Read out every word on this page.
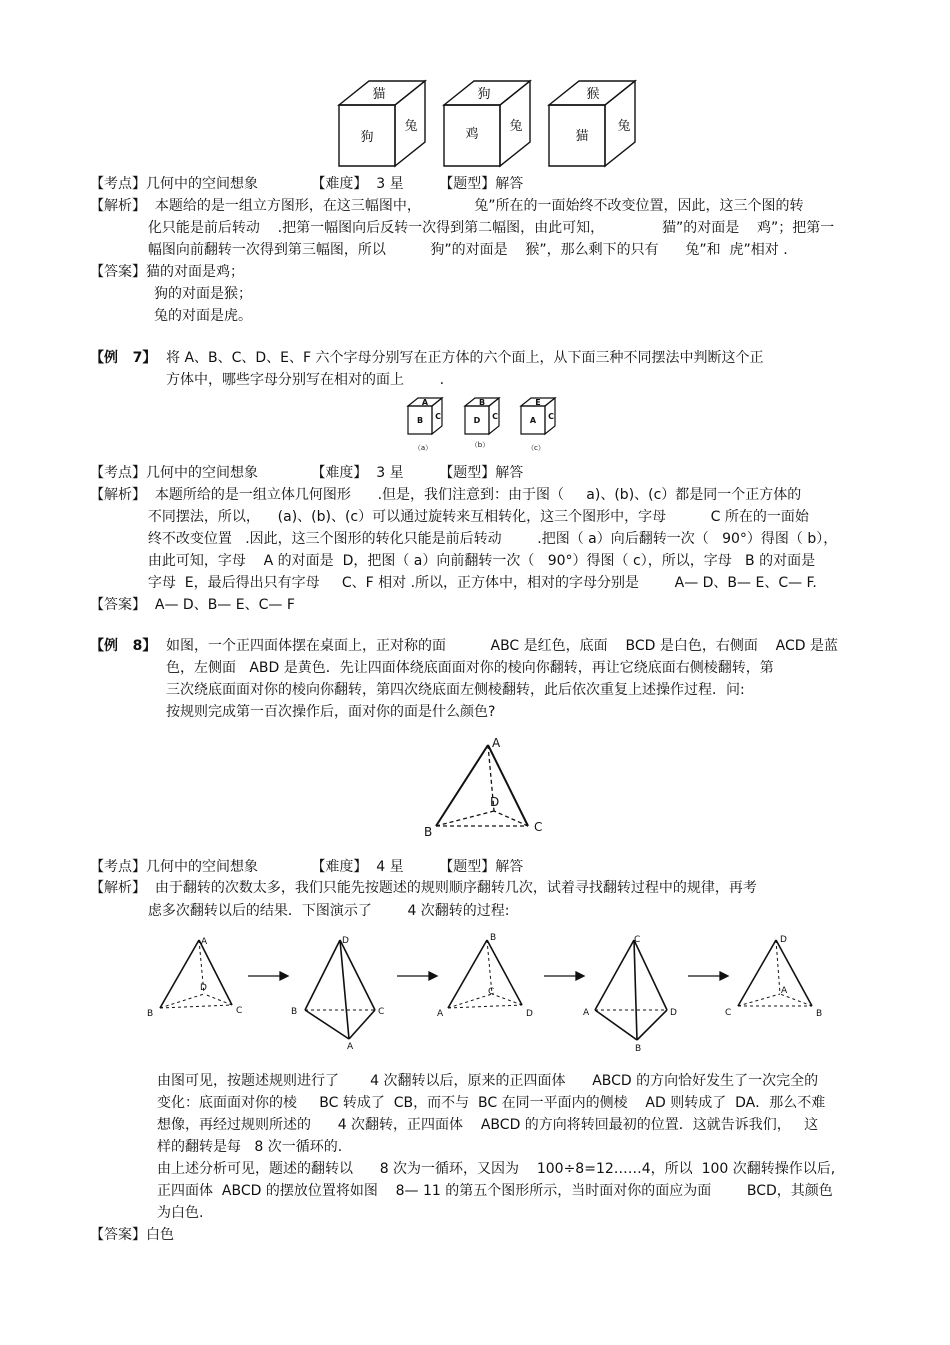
猫
狗
兔
狗
鸡
兔
猴
猫
兔
【考点】几何中的空间想象            【难度】  3 星        【题型】解答
【解析】  本题给的是一组立方图形，在这三幅图中，            兔”所在的一面始终不改变位置，因此，这三个图的转
化只能是前后转动    .把第一幅图向后反转一次得到第二幅图，由此可知，             猫”的对面是    鸡”；把第一
幅图向前翻转一次得到第三幅图，所以          狗”的对面是    猴”，那么剩下的只有      兔”和  虎”相对 .
【答案】猫的对面是鸡；
狗的对面是猴；
兔的对面是虎。
【例   7】 将 A、B、C、D、E、F 六个字母分别写在正方体的六个面上，从下面三种不同摆法中判断这个正
方体中，哪些字母分别写在相对的面上        .
A
B C
（a）
B
D C
（b）
E
A C
（c）
【考点】几何中的空间想象            【难度】  3 星        【题型】解答
【解析】  本题所给的是一组立体几何图形      .但是，我们注意到：由于图（     a)、(b)、(c）都是同一个正方体的
不同摆法，所以，    (a)、(b)、(c）可以通过旋转来互相转化，这三个图形中，字母          C 所在的一面始
终不改变位置   .因此，这三个图形的转化只能是前后转动        .把图（ a）向后翻转一次（   90°）得图（ b），
由此可知，字母    A 的对面是  D，把图（ a）向前翻转一次（   90°）得图（ c），所以，字母   B 的对面是
字母  E，最后得出只有字母     C、F 相对 .所以，正方体中，相对的字母分别是        A— D、B— E、C— F.
【答案】  A— D、B— E、C— F
【例   8】 如图，一个正四面体摆在桌面上，正对称的面          ABC 是红色，底面    BCD 是白色，右侧面    ACD 是蓝
色，左侧面   ABD 是黄色．先让四面体绕底面面对你的棱向你翻转，再让它绕底面右侧棱翻转，第
三次绕底面面对你的棱向你翻转，第四次绕底面左侧棱翻转，此后依次重复上述操作过程．问:
按规则完成第一百次操作后，面对你的面是什么颜色?
A
B	C
D
【考点】几何中的空间想象            【难度】  4 星        【题型】解答
【解析】  由于翻转的次数太多，我们只能先按题述的规则顺序翻转几次，试着寻找翻转过程中的规律，再考
虑多次翻转以后的结果．下图演示了        4 次翻转的过程:
A
B	C
D
D
B	C
A
B
A	D
C
C
A	D
B
D
C	B
A
由图可见，按题述规则进行了       4 次翻转以后，原来的正四面体      ABCD 的方向恰好发生了一次完全的
变化：底面面对你的棱     BC 转成了  CB，而不与  BC 在同一平面内的侧棱    AD 则转成了  DA．那么不难
想像，再经过规则所述的      4 次翻转，正四面体    ABCD 的方向将转回最初的位置．这就告诉我们，   这
样的翻转是每   8 次一循环的.
由上述分析可见，题述的翻转以      8 次为一循环，又因为    100÷8=12……4，所以  100 次翻转操作以后,
正四面体  ABCD 的摆放位置将如图    8— 11 的第五个图形所示，当时面对你的面应为面        BCD，其颜色
为白色.
【答案】白色
